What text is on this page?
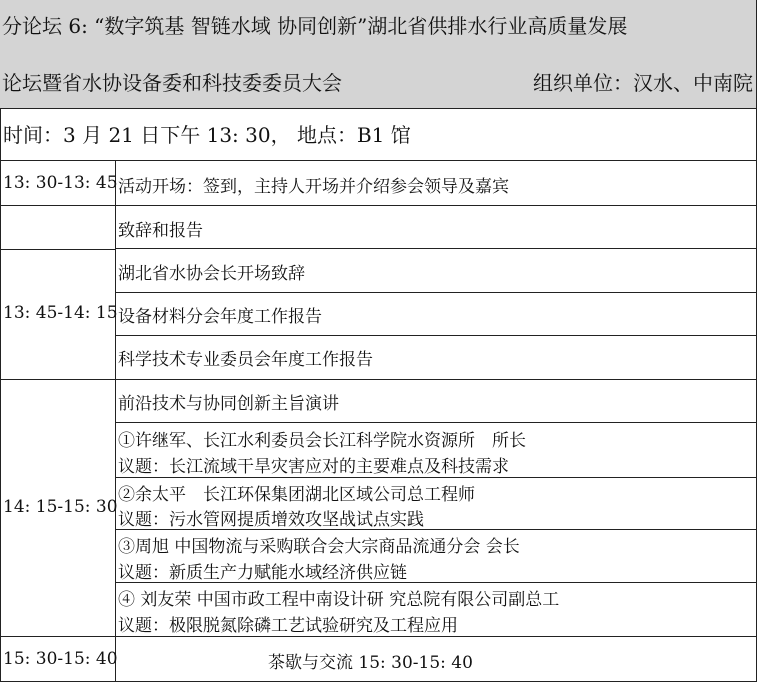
分论坛 6: “数字筑基 智链水域 协同创新”湖北省供排水行业高质量发展
论坛暨省水协设备委和科技委委员大会	组织单位：汉水、中南院
时间：3 月 21 日下午 13: 30， 地点：B1 馆
13: 30-13: 45
13: 45-14: 15
14: 15-15: 30
15: 30-15: 40
活动开场：签到，主持人开场并介绍参会领导及嘉宾
致辞和报告
湖北省水协会长开场致辞
设备材料分会年度工作报告
科学技术专业委员会年度工作报告
前沿技术与协同创新主旨演讲
①许继军、长江水利委员会长江科学院水资源所　所长
议题：长江流域干旱灾害应对的主要难点及科技需求
②余太平　长江环保集团湖北区域公司总工程师
议题：污水管网提质增效攻坚战试点实践
③周旭 中国物流与采购联合会大宗商品流通分会 会长
议题：新质生产力赋能水域经济供应链
④ 刘友荣 中国市政工程中南设计研 究总院有限公司副总工
议题：极限脱氮除磷工艺试验研究及工程应用
茶歇与交流 15: 30-15: 40
